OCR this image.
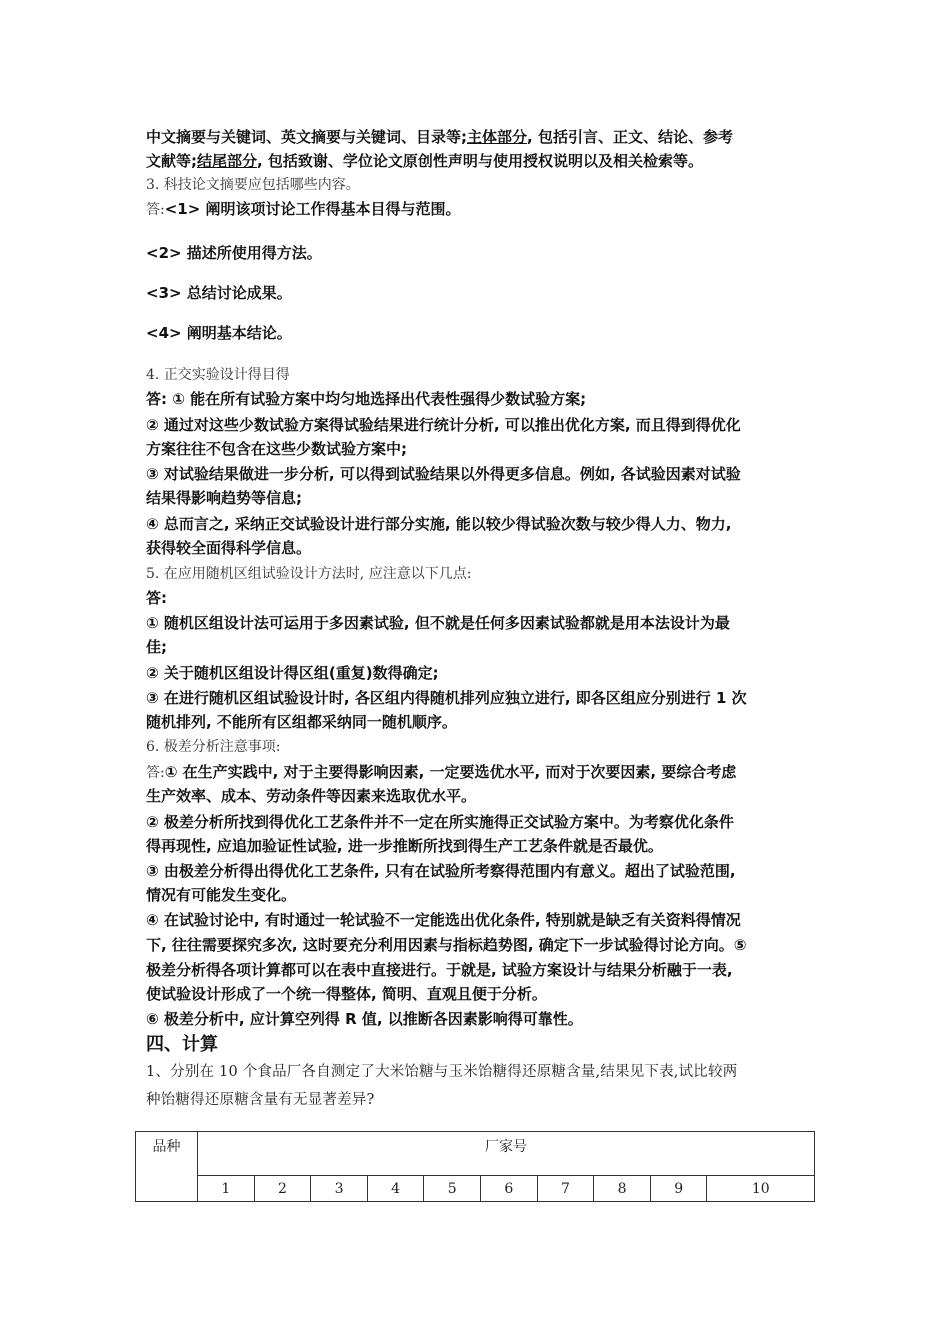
中文摘要与关键词、英文摘要与关键词、目录等;主体部分, 包括引言、正文、结论、参考
文献等;结尾部分, 包括致谢、学位论文原创性声明与使用授权说明以及相关检索等。
3. 科技论文摘要应包括哪些内容。
答:<1> 阐明该项讨论工作得基本目得与范围。
<2> 描述所使用得方法。
<3> 总结讨论成果。
<4> 阐明基本结论。
4. 正交实验设计得目得
答: ① 能在所有试验方案中均匀地选择出代表性强得少数试验方案;
② 通过对这些少数试验方案得试验结果进行统计分析, 可以推出优化方案, 而且得到得优化
方案往往不包含在这些少数试验方案中;
③ 对试验结果做进一步分析, 可以得到试验结果以外得更多信息。例如, 各试验因素对试验
结果得影响趋势等信息;
④ 总而言之, 采纳正交试验设计进行部分实施, 能以较少得试验次数与较少得人力、物力,
获得较全面得科学信息。
5. 在应用随机区组试验设计方法时, 应注意以下几点:
答:
① 随机区组设计法可运用于多因素试验, 但不就是任何多因素试验都就是用本法设计为最
佳;
② 关于随机区组设计得区组(重复)数得确定;
③ 在进行随机区组试验设计时, 各区组内得随机排列应独立进行, 即各区组应分别进行 1 次
随机排列, 不能所有区组都采纳同一随机顺序。
6. 极差分析注意事项:
答:① 在生产实践中, 对于主要得影响因素, 一定要选优水平, 而对于次要因素, 要综合考虑
生产效率、成本、劳动条件等因素来选取优水平。
② 极差分析所找到得优化工艺条件并不一定在所实施得正交试验方案中。为考察优化条件
得再现性, 应追加验证性试验, 进一步推断所找到得生产工艺条件就是否最优。
③ 由极差分析得出得优化工艺条件, 只有在试验所考察得范围内有意义。超出了试验范围,
情况有可能发生变化。
④ 在试验讨论中, 有时通过一轮试验不一定能选出优化条件, 特别就是缺乏有关资料得情况
下, 往往需要探究多次, 这时要充分利用因素与指标趋势图, 确定下一步试验得讨论方向。⑤
极差分析得各项计算都可以在表中直接进行。于就是, 试验方案设计与结果分析融于一表,
使试验设计形成了一个统一得整体, 简明、直观且便于分析。
⑥ 极差分析中, 应计算空列得 R 值, 以推断各因素影响得可靠性。
四、计算
1、分别在 10 个食品厂各自测定了大米饴糖与玉米饴糖得还原糖含量,结果见下表,试比较两
种饴糖得还原糖含量有无显著差异?
品种	厂家号									
	1	2	3	4	5	6	7	8	9	10
